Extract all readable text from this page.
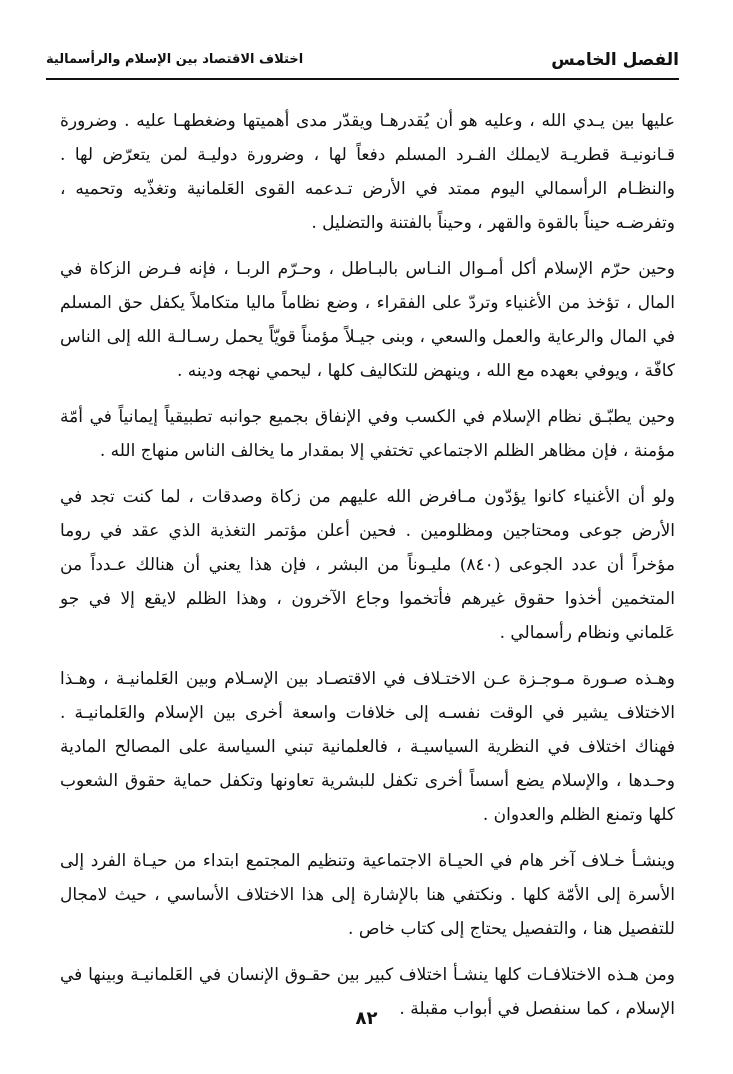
الفصل الخامس
اختلاف الاقتصاد بين الإسلام والرأسمالية

عليها بين يـدي الله ، وعليه هو أن يُقدرهـا ويقدّر مدى أهميتها وضغطهـا عليه . وضرورة قـانونيـة قطريـة لايملك الفـرد المسلم دفعاً لها ، وضرورة دوليـة لمن يتعرّض لها . والنظـام الرأسمالي اليوم ممتد في الأرض تـدعمه القوى العَلمانية وتغذّيه وتحميه ، وتفرضـه حيناً بالقوة والقهر ، وحيناً بالفتنة والتضليل .

وحين حرّم الإسلام أكل أمـوال النـاس بالبـاطل ، وحـرّم الربـا ، فإنه فـرض الزكاة في المال ، تؤخذ من الأغنياء وتردّ على الفقراء ، وضع نظاماً ماليا متكاملاً يكفل حق المسلم في المال والرعاية والعمل والسعي ، وبنى جيـلاً مؤمناً قويّاً يحمل رسـالـة الله إلى الناس كافّة ، ويوفي بعهده مع الله ، وينهض للتكاليف كلها ، ليحمي نهجه ودينه .

وحين يطبّـق نظام الإسلام في الكسب وفي الإنفاق بجميع جوانبه تطبيقياً إيمانياً في أمّة مؤمنة ، فإن مظاهر الظلم الاجتماعي تختفي إلا بمقدار ما يخالف الناس منهاج الله .

ولو أن الأغنياء كانوا يؤدّون مـافرض الله عليهم من زكاة وصدقات ، لما كنت تجد في الأرض جوعى ومحتاجين ومظلومين . فحين أعلن مؤتمر التغذية الذي عقد في روما مؤخراً أن عدد الجوعى (٨٤٠) مليـوناً من البشر ، فإن هذا يعني أن هنالك عـدداً من المتخمين أخذوا حقوق غيرهم فأتخموا وجاع الآخرون ، وهذا الظلم لايقع إلا في جو عَلماني ونظام رأسمالي .

وهـذه صـورة مـوجـزة عـن الاختـلاف في الاقتصـاد بين الإسـلام وبين العَلمانيـة ، وهـذا الاختلاف يشير في الوقت نفسـه إلى خلافات واسعة أخرى بين الإسلام والعَلمانيـة . فهناك اختلاف في النظرية السياسيـة ، فالعلمانية تبني السياسة على المصالح المادية وحـدها ، والإسلام يضع أسساً أخرى تكفل للبشرية تعاونها وتكفل حماية حقوق الشعوب كلها وتمنع الظلم والعدوان .

وينشـأ خـلاف آخر هام في الحيـاة الاجتماعية وتنظيم المجتمع ابتداء من حيـاة الفرد إلى الأسرة إلى الأمّة كلها . ونكتفي هنا بالإشارة إلى هذا الاختلاف الأساسي ، حيث لامجال للتفصيل هنا ، والتفصيل يحتاج إلى كتاب خاص .

ومن هـذه الاختلافـات كلها ينشـأ اختلاف كبير بين حقـوق الإنسان في العَلمانيـة وبينها في الإسلام ، كما سنفصل في أبواب مقبلة .

٨٢
